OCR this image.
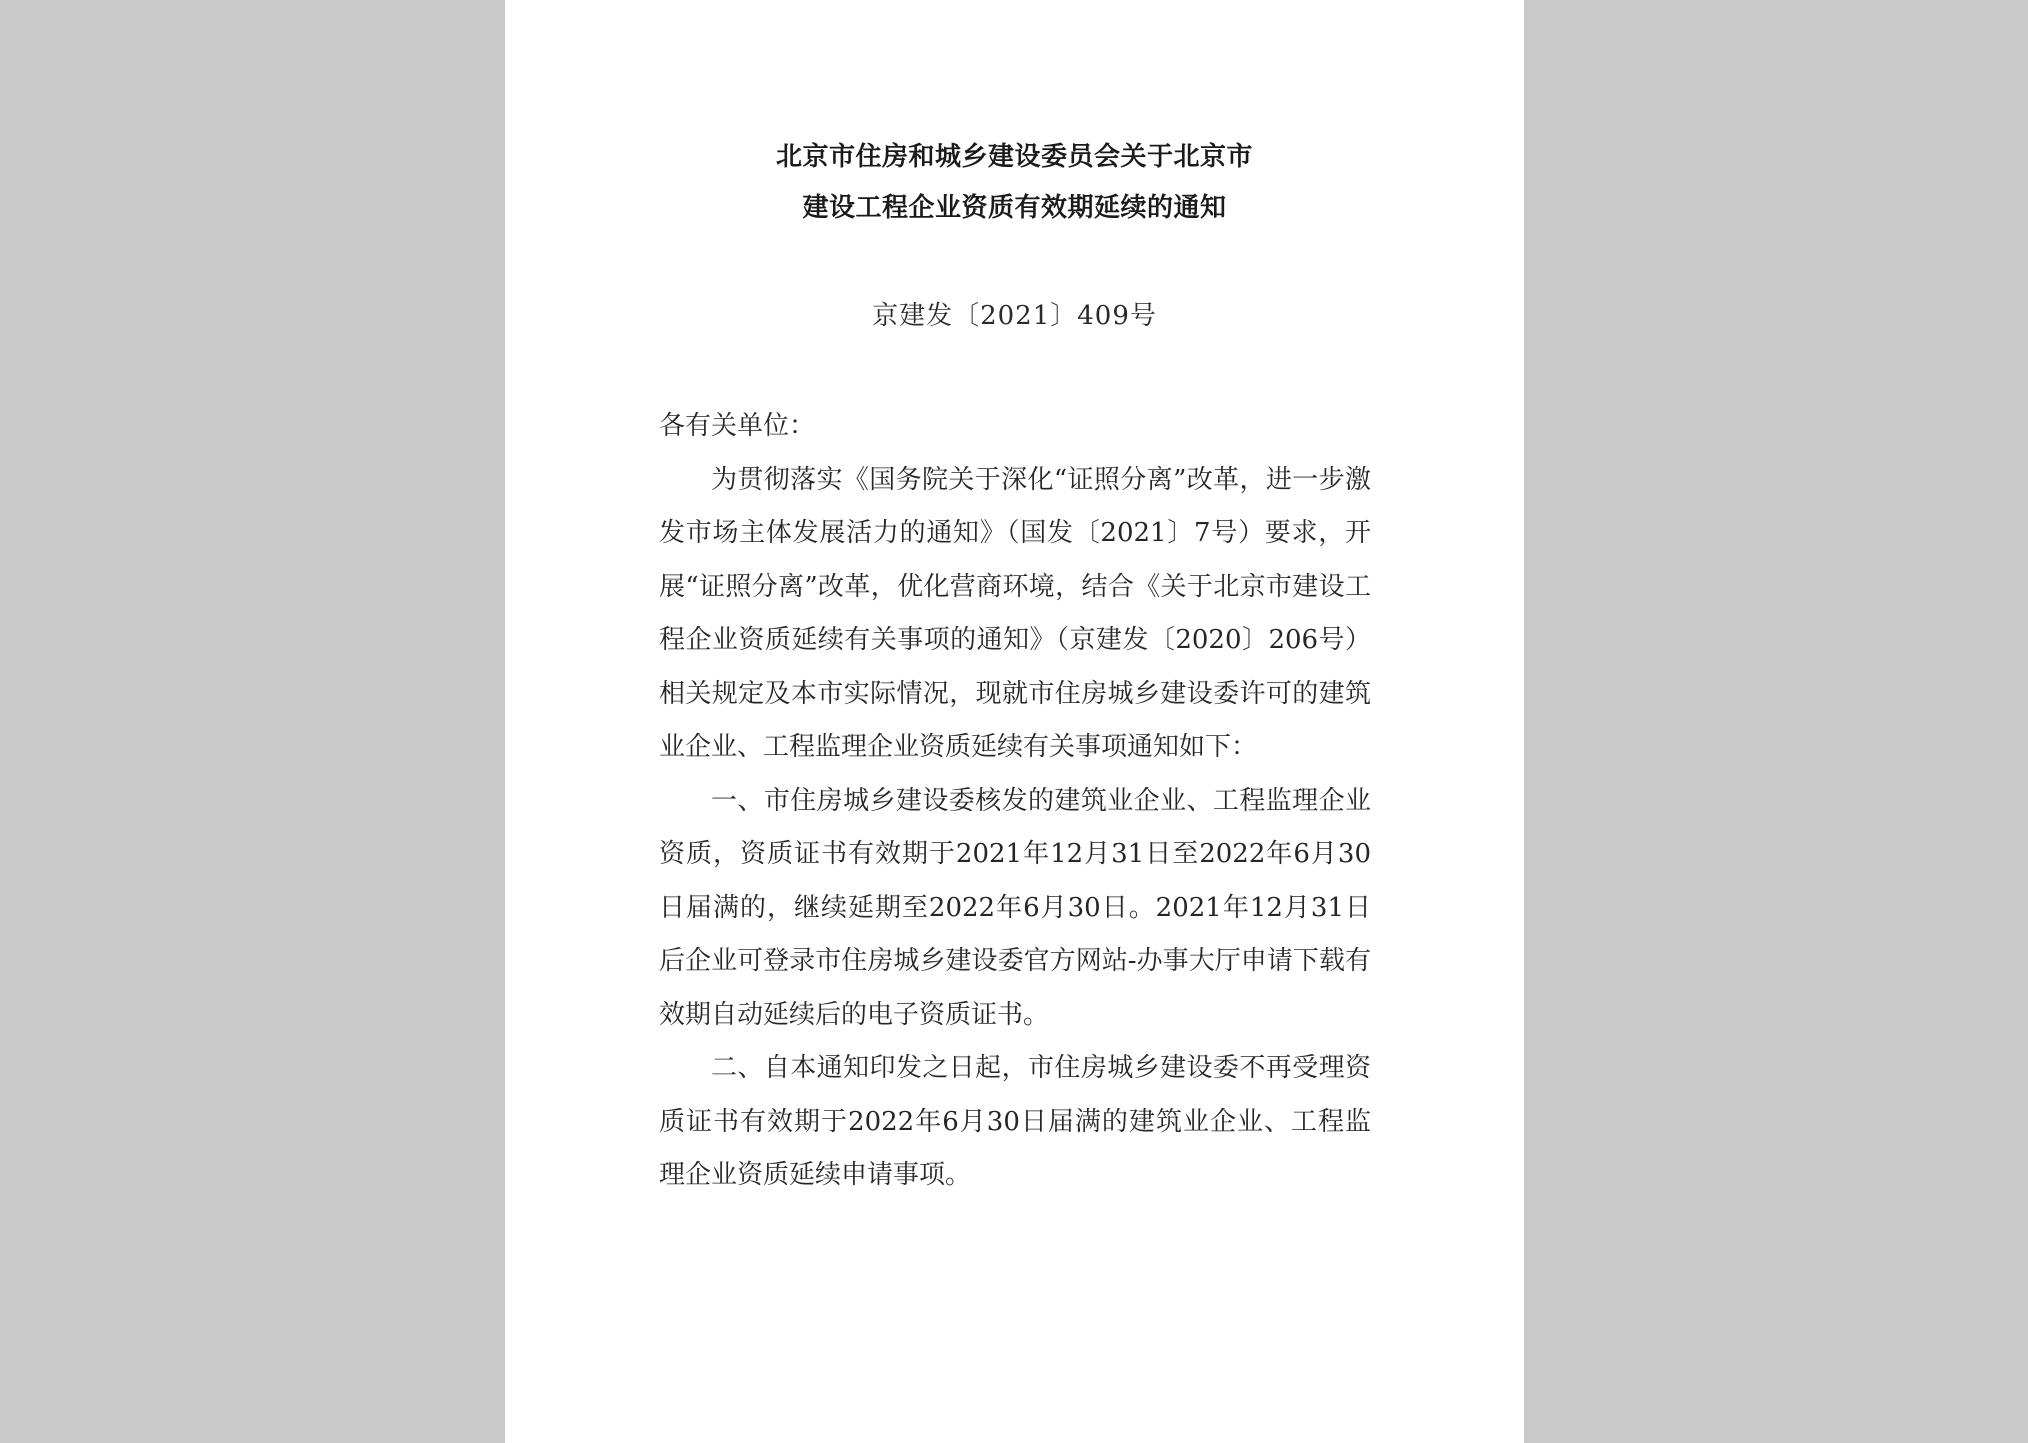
北京市住房和城乡建设委员会关于北京市
建设工程企业资质有效期延续的通知
京建发〔2021〕409号

各有关单位：

为贯彻落实《国务院关于深化“证照分离”改革，进一步激发市场主体发展活力的通知》（国发〔2021〕7号）要求，开展“证照分离”改革，优化营商环境，结合《关于北京市建设工程企业资质延续有关事项的通知》（京建发〔2020〕206号）相关规定及本市实际情况，现就市住房城乡建设委许可的建筑业企业、工程监理企业资质延续有关事项通知如下：

一、市住房城乡建设委核发的建筑业企业、工程监理企业资质，资质证书有效期于2021年12月31日至2022年6月30日届满的，继续延期至2022年6月30日。2021年12月31日后企业可登录市住房城乡建设委官方网站-办事大厅申请下载有效期自动延续后的电子资质证书。

二、自本通知印发之日起，市住房城乡建设委不再受理资质证书有效期于2022年6月30日届满的建筑业企业、工程监理企业资质延续申请事项。
